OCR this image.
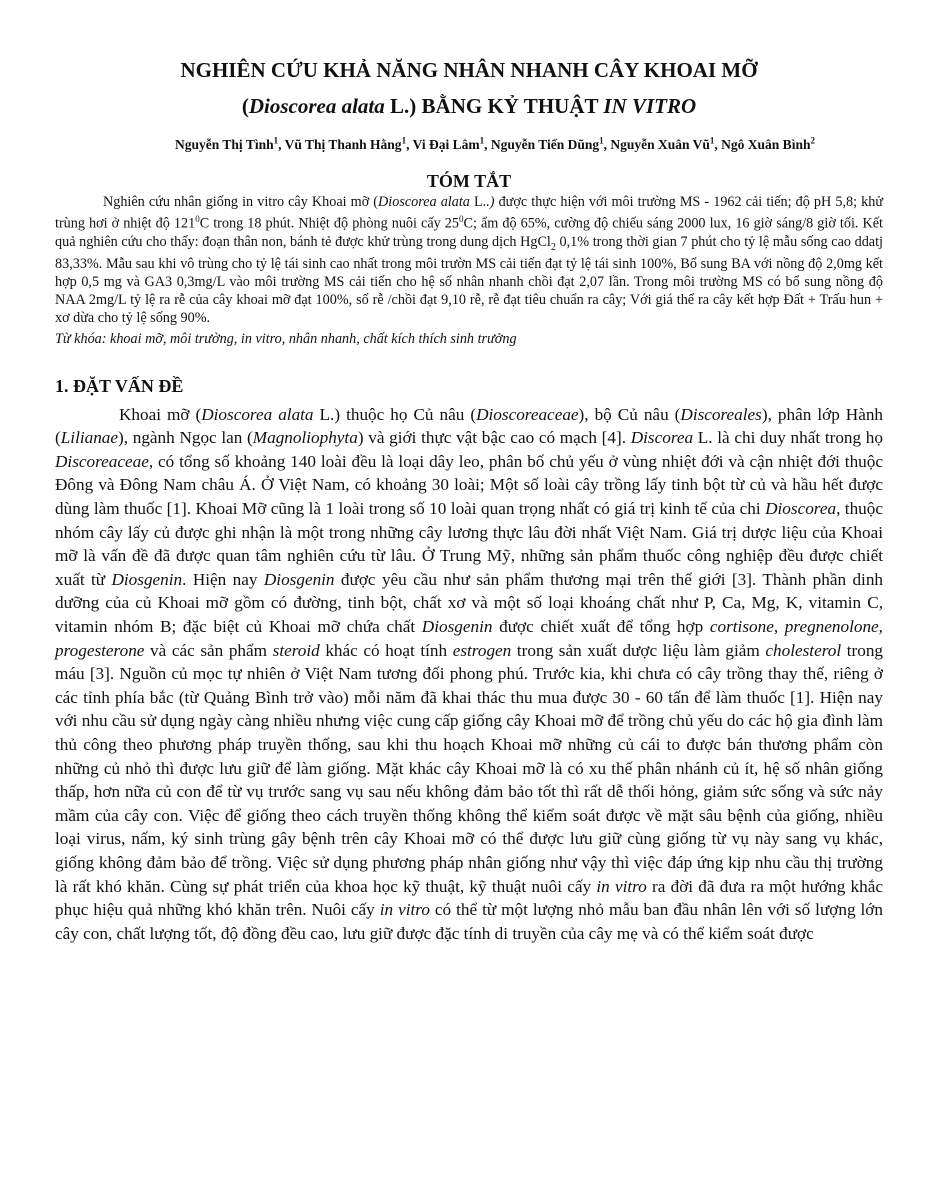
NGHIÊN CỨU KHẢ NĂNG NHÂN NHANH CÂY KHOAI MỠ
(Dioscorea alata L.) BẰNG KỶ THUẬT IN VITRO
Nguyễn Thị Tình$^1$, Vũ Thị Thanh Hằng$^1$, Vi Đại Lâm$^1$, Nguyễn Tiến Dũng$^1$, Nguyễn Xuân $Vũ^1$, Ngô Xuân Bình$^2$
TÓM TẮT

Nghiên cứu nhân giống in vitro cây Khoai mỡ (Dioscorea alata L..) được thực hiện với môi trường MS - 1962 cải tiến; độ pH 5,8; khử trùng hơi ở nhiệt độ $121^0C$ trong 18 phút. Nhiệt độ phòng nuôi cấy $25^0C$; ẩm độ 65%, cường độ chiếu sáng 2000 lux, 16 giờ sáng/8 giờ tối. Kết quả nghiên cứu cho thấy: đoạn thân non, bánh tẻ được khử trùng trong dung dịch HgCl$_2$ 0,1% trong thời gian 7 phút cho tỷ lệ mẫu sống cao ddatj 83,33%. Mẫu sau khi vô trùng cho tỷ lệ tái sinh cao nhất trong môi trườn MS cải tiến đạt tỷ lệ tái sinh 100%, Bổ sung BA với nồng độ 2,0mg kết hợp 0,5 mg và GA3 0,3mg/L vào môi trường MS cải tiến cho hệ số nhân nhanh chồi đạt 2,07 lần. Trong môi trường MS có bổ sung nồng độ NAA 2mg/L tỷ lệ ra rễ của cây khoai mỡ đạt 100%, số rễ /chồi đạt 9,10 rễ, rễ đạt tiêu chuẩn ra cây; Với giá thể ra cây kết hợp Đất + Trấu hun + xơ dừa cho tỷ lệ sống 90%.

Từ khóa: khoai mỡ, môi trường, in vitro, nhân nhanh, chất kích thích sinh trưởng

1. ĐẶT VẤN ĐỀ

Khoai mỡ (Dioscorea alata L.) thuộc họ Củ nâu (Dioscoreaceae), bộ Củ nâu (Discoreales), phân lớp Hành (Lilianae), ngành Ngọc lan (Magnoliophyta) và giới thực vật bậc cao có mạch [4]. Discorea L. là chi duy nhất trong họ Discoreaceae, có tổng số khoảng 140 loài đều là loại dây leo, phân bố chủ yếu ở vùng nhiệt đới và cận nhiệt đới thuộc Đông và Đông Nam châu Á. Ở Việt Nam, có khoảng 30 loài; Một số loài cây trồng lấy tinh bột từ củ và hầu hết được dùng làm thuốc [1]. Khoai Mỡ cũng là 1 loài trong số 10 loài quan trọng nhất có giá trị kinh tế của chi Dioscorea, thuộc nhóm cây lấy củ được ghi nhận là một trong những cây lương thực lâu đời nhất Việt Nam. Giá trị dược liệu của Khoai mỡ là vấn đề đã được quan tâm nghiên cứu từ lâu. Ở Trung Mỹ, những sản phẩm thuốc công nghiệp đều được chiết xuất từ Diosgenin. Hiện nay Diosgenin được yêu cầu như sản phẩm thương mại trên thế giới [3]. Thành phần dinh dưỡng của củ Khoai mỡ gồm có đường, tinh bột, chất xơ và một số loại khoáng chất như P, Ca, Mg, K, vitamin C, vitamin nhóm B; đặc biệt củ Khoai mỡ chứa chất Diosgenin được chiết xuất để tổng hợp cortisone, pregnenolone, progesterone và các sản phẩm steroid khác có hoạt tính estrogen trong sản xuất dược liệu làm giảm cholesterol trong máu [3]. Nguồn củ mọc tự nhiên ở Việt Nam tương đối phong phú. Trước kia, khi chưa có cây trồng thay thế, riêng ở các tỉnh phía bắc (từ Quảng Bình trở vào) mỗi năm đã khai thác thu mua được 30 - 60 tấn để làm thuốc [1]. Hiện nay với nhu cầu sử dụng ngày càng nhiều nhưng việc cung cấp giống cây Khoai mỡ để trồng chủ yếu do các hộ gia đình làm thủ công theo phương pháp truyền thống, sau khi thu hoạch Khoai mỡ những củ cái to được bán thương phẩm còn những củ nhỏ thì được lưu giữ để làm giống. Mặt khác cây Khoai mỡ là có xu thế phân nhánh củ ít, hệ số nhân giống thấp, hơn nữa củ con để từ vụ trước sang vụ sau nếu không đảm bảo tốt thì rất dễ thối hỏng, giảm sức sống và sức nảy mầm của cây con. Việc để giống theo cách truyền thống không thể kiểm soát được về mặt sâu bệnh của giống, nhiều loại virus, nấm, ký sinh trùng gây bệnh trên cây Khoai mỡ có thể được lưu giữ cùng giống từ vụ này sang vụ khác, giống không đảm bảo để trồng. Việc sử dụng phương pháp nhân giống như vậy thì việc đáp ứng kịp nhu cầu thị trường là rất khó khăn. Cùng sự phát triển của khoa học kỹ thuật, kỹ thuật nuôi cấy in vitro ra đời đã đưa ra một hướng khắc phục hiệu quả những khó khăn trên. Nuôi cấy in vitro có thể từ một lượng nhỏ mẫu ban đầu nhân lên với số lượng lớn cây con, chất lượng tốt, độ đồng đều cao, lưu giữ được đặc tính di truyền của cây mẹ và có thể kiểm soát được
